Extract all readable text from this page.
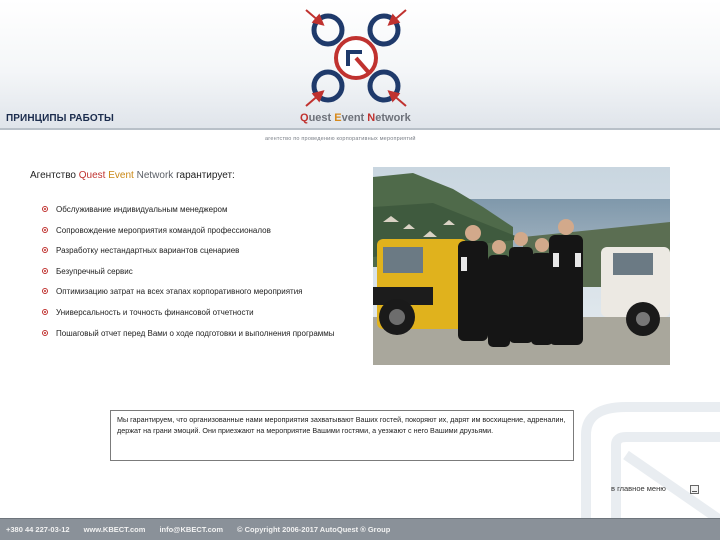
ПРИНЦИПЫ РАБОТЫ	Quest Event Network
агентство по проведению корпоративных мероприятий
Агентство Quest Event Network гарантирует:
Обслуживание индивидуальным менеджером
Сопровождение мероприятия командой профессионалов
Разработку нестандартных вариантов сценариев
Безупречный сервис
Оптимизацию затрат на всех этапах корпоративного мероприятия
Универсальность и точность финансовой отчетности
Пошаговый отчет перед Вами о ходе подготовки и выполнения программы
Мы гарантируем, что организованные нами мероприятия захватывают Ваших гостей, покоряют их, дарят им восхищение, адреналин, держат на грани эмоций. Они приезжают на мероприятие Вашими гостями, а уезжают с него Вашими друзьями.
в главное меню
+380 44 227-03-12 www.KBECT.com info@KBECT.com © Copyright 2006-2017 AutoQuest ® Group
